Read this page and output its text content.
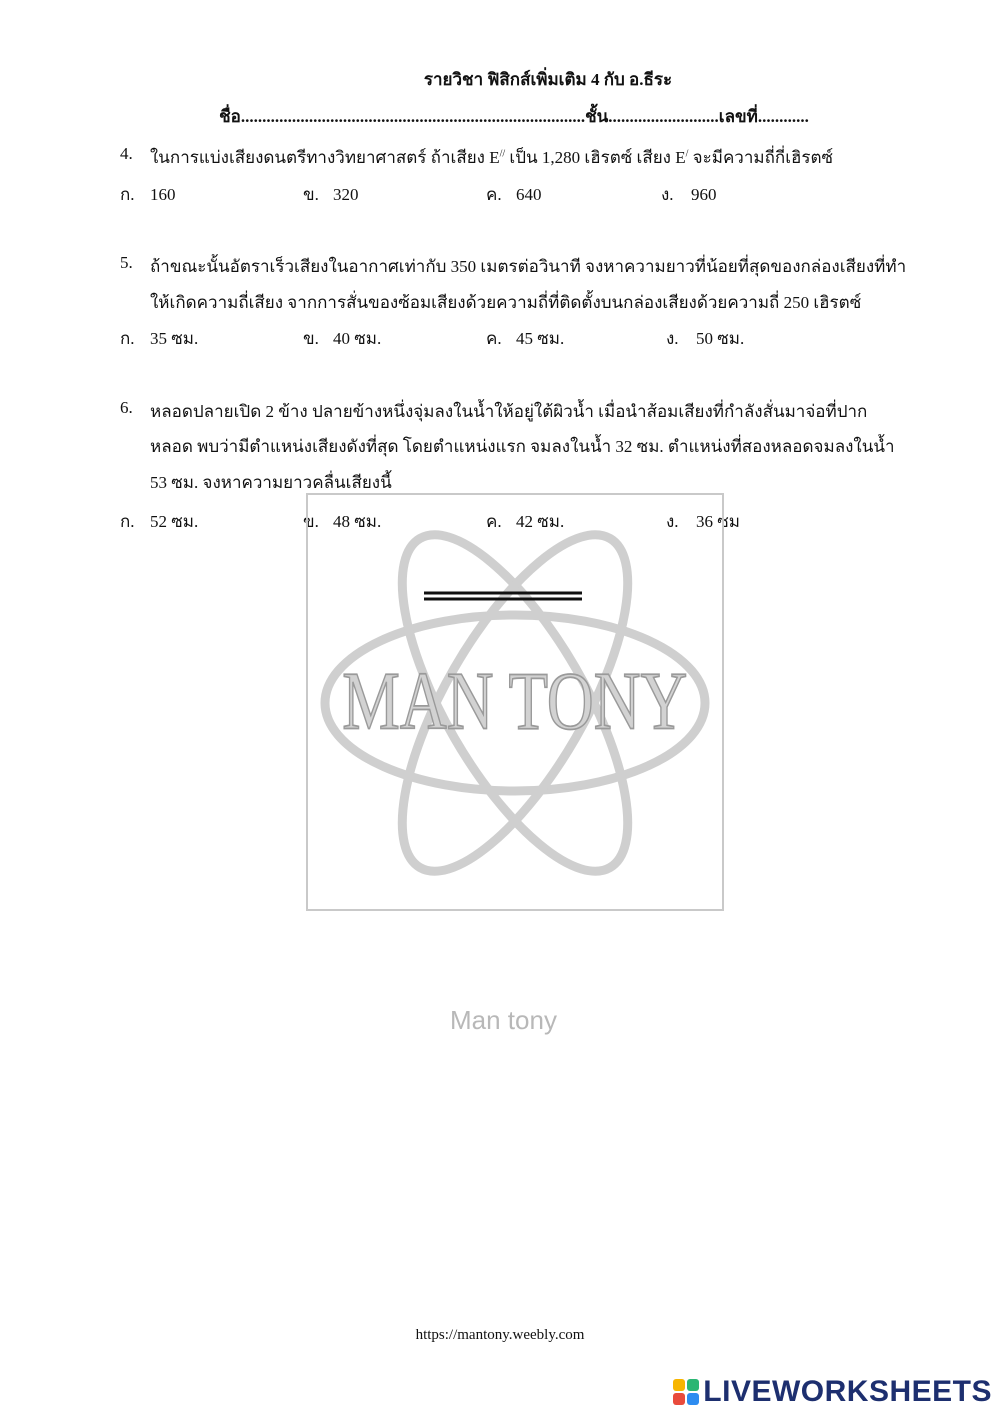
รายวิชา ฟิสิกส์เพิ่มเติม 4 กับ อ.ธีระ
ชื่อ.................................................................................ชั้น..........................เลขที่............
4. ในการแบ่งเสียงดนตรีทางวิทยาศาสตร์ ถ้าเสียง E// เป็น 1,280 เฮิรตซ์ เสียง E/ จะมีความถี่กี่เฮิรตซ์
ก. 160	ข. 320	ค. 640	ง. 960
5. ถ้าขณะนั้นอัตราเร็วเสียงในอากาศเท่ากับ 350 เมตรต่อวินาที จงหาความยาวที่น้อยที่สุดของกล่องเสียงที่ทำ
ให้เกิดความถี่เสียง จากการสั่นของซ้อมเสียงด้วยความถี่ที่ติดตั้งบนกล่องเสียงด้วยความถี่ 250 เฮิรตซ์
ก. 35 ซม.	ข. 40 ซม.	ค. 45 ซม.	ง. 50 ซม.
6. หลอดปลายเปิด 2 ข้าง ปลายข้างหนึ่งจุ่มลงในน้ำให้อยู่ใต้ผิวน้ำ เมื่อนำส้อมเสียงที่กำลังสั่นมาจ่อที่ปาก
หลอด พบว่ามีตำแหน่งเสียงดังที่สุด โดยตำแหน่งแรก จมลงในน้ำ 32 ซม. ตำแหน่งที่สองหลอดจมลงในน้ำ
53 ซม. จงหาความยาวคลื่นเสียงนี้
ก. 52 ซม.	ข. 48 ซม.	ค. 42 ซม.	ง. 36 ซม
MAN TONY
Man tony
https://mantony.weebly.com
LIVEWORKSHEETS
